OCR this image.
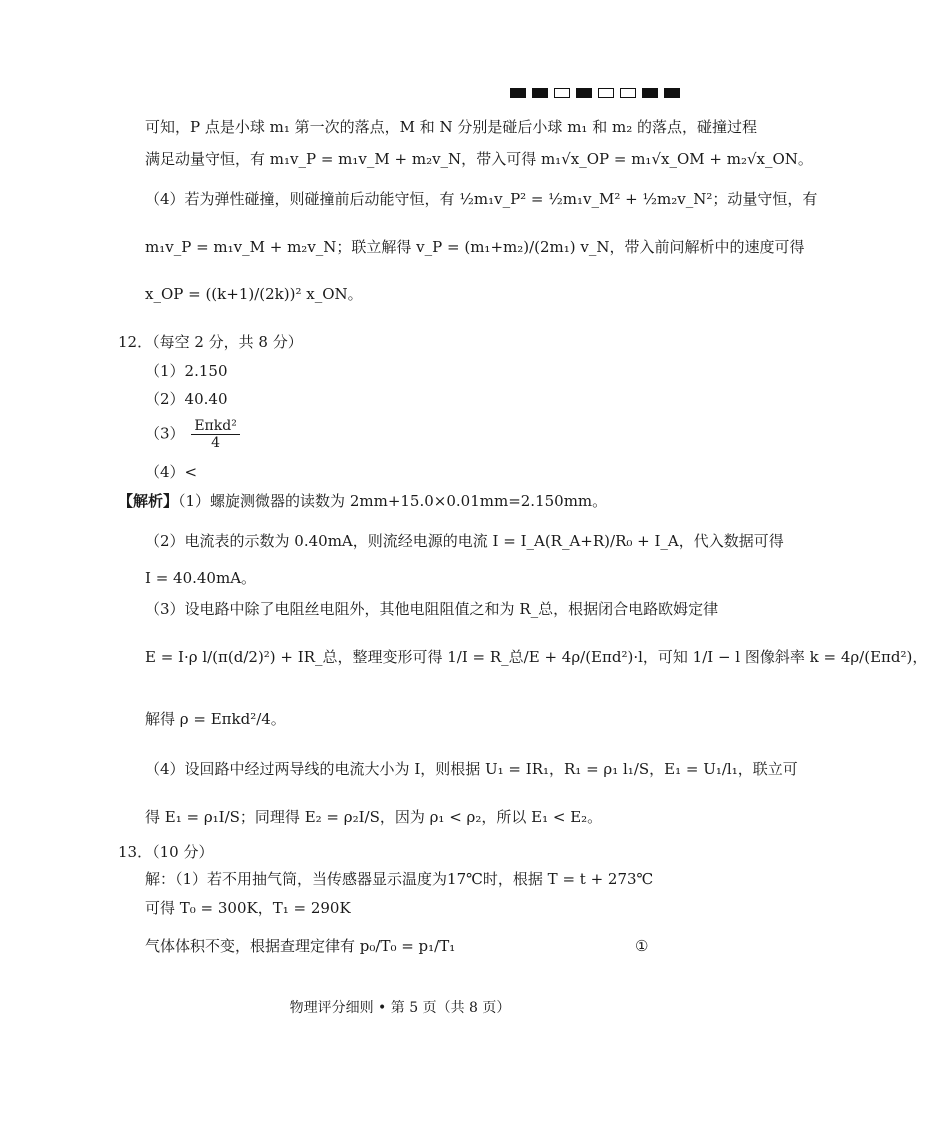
可知，P 点是小球 m₁ 第一次的落点，M 和 N 分别是碰后小球 m₁ 和 m₂ 的落点，碰撞过程
满足动量守恒，有 m₁v_P = m₁v_M + m₂v_N，带入可得 m₁√x_OP = m₁√x_OM + m₂√x_ON。
（4）若为弹性碰撞，则碰撞前后动能守恒，有 ½m₁v_P² = ½m₁v_M² + ½m₂v_N²；动量守恒，有
m₁v_P = m₁v_M + m₂v_N；联立解得 v_P = (m₁+m₂)/(2m₁) v_N，带入前问解析中的速度可得
x_OP = ((k+1)/(2k))² x_ON。
12．（每空 2 分，共 8 分）
（1）2.150
（2）40.40
$(3) \frac{\text{Eπkd²}}{4}$
（4）<
【解析】（1）螺旋测微器的读数为 2mm+15.0×0.01mm=2.150mm。
（2）电流表的示数为 0.40mA，则流经电源的电流 I = I_A(R_A+R)/R₀ + I_A，代入数据可得
I = 40.40mA。
（3）设电路中除了电阻丝电阻外，其他电阻阻值之和为 R_总，根据闭合电路欧姆定律
E = I·ρ l/(π(d/2)²) + IR_总，整理变形可得 1/I = R_总/E + 4ρ/(Eπd²)·l，可知 1/I − l 图像斜率 k = 4ρ/(Eπd²)，
解得 ρ = Eπkd²/4。
（4）设回路中经过两导线的电流大小为 I，则根据 U₁ = IR₁，R₁ = ρ₁ l₁/S，E₁ = U₁/l₁，联立可
得 E₁ = ρ₁I/S；同理得 E₂ = ρ₂I/S，因为 ρ₁ < ρ₂，所以 E₁ < E₂。
13．（10 分）
解：（1）若不用抽气筒，当传感器显示温度为17℃时，根据 T = t + 273℃
可得 T₀ = 300K，T₁ = 290K
气体体积不变，根据查理定律有 p₀/T₀ = p₁/T₁	①
物理评分细则 • 第 5 页（共 8 页）
